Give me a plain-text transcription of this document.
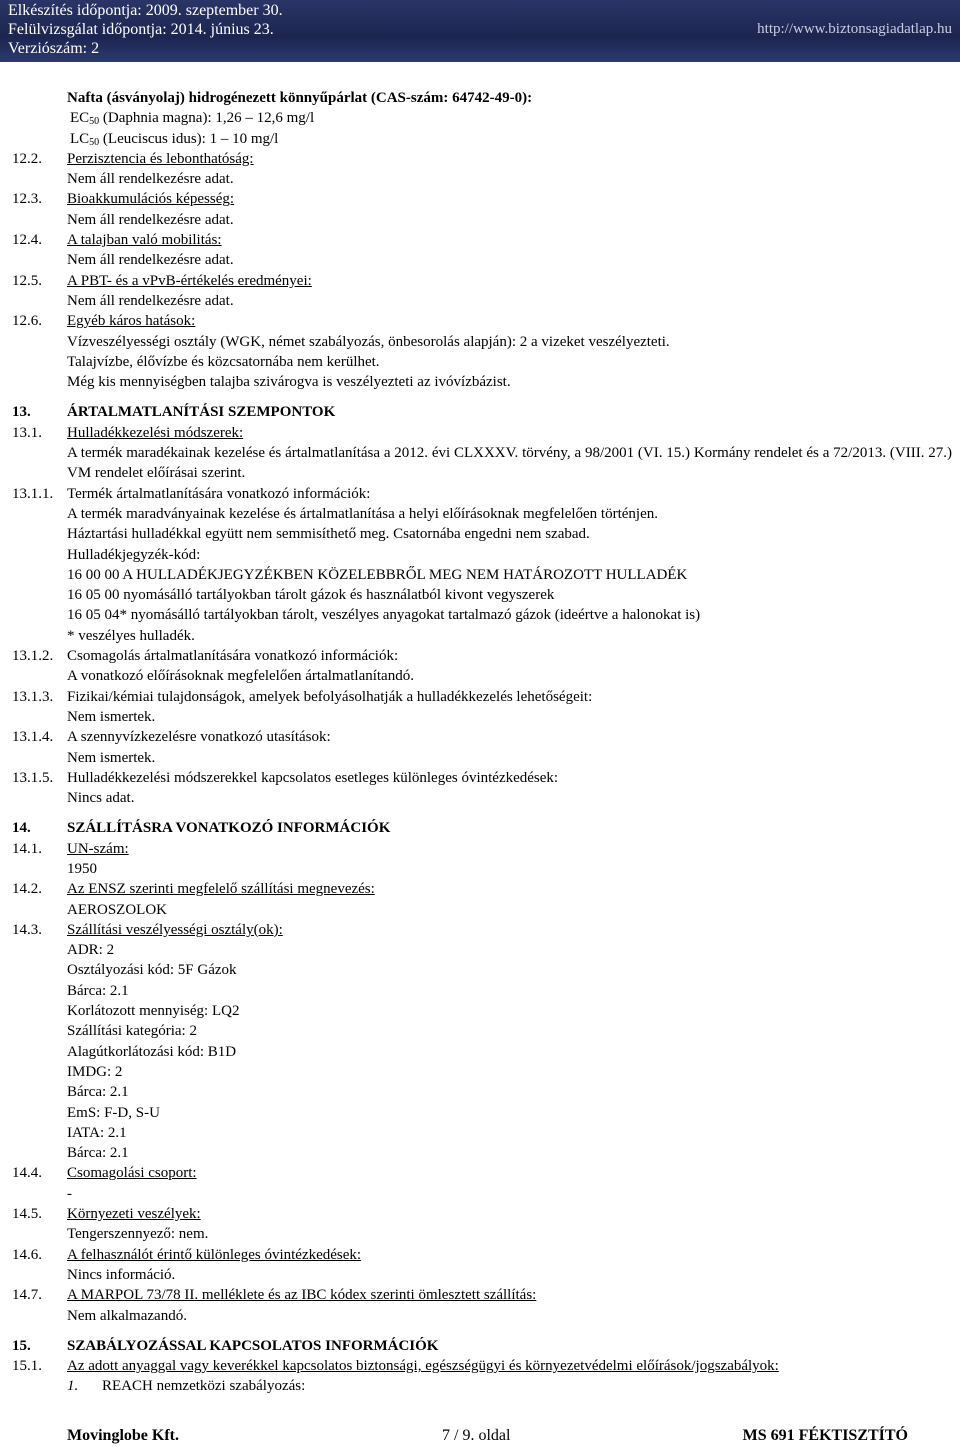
Elkészítés időpontja: 2009. szeptember 30.
Felülvizsgálat időpontja: 2014. június 23.
Verziószám: 2
http://www.biztonsagiadatlap.hu
Nafta (ásványolaj) hidrogénezett könnyűpárlat (CAS-szám: 64742-49-0):
$EC_{50}$ (Daphnia magna): 1,26 – 12,6 mg/l
$LC_{50}$ (Leuciscus idus): 1 – 10 mg/l
12.2. Perzisztencia és lebonthatóság:
Nem áll rendelkezésre adat.
12.3. Bioakkumulációs képesség:
Nem áll rendelkezésre adat.
12.4. A talajban való mobilitás:
Nem áll rendelkezésre adat.
12.5. A PBT- és a vPvB-értékelés eredményei:
Nem áll rendelkezésre adat.
12.6. Egyéb káros hatások:
Vízveszélyességi osztály (WGK, német szabályozás, önbesorolás alapján): 2 a vizeket veszélyezteti.
Talajvízbe, élővízbe és közcsatornába nem kerülhet.
Még kis mennyiségben talajba szivárogva is veszélyezteti az ivóvízbázist.
13. ÁRTALMATLANÍTÁSI SZEMPONTOK
13.1. Hulladékkezelési módszerek:
A termék maradékainak kezelése és ártalmatlanítása a 2012. évi CLXXXV. törvény, a 98/2001 (VI. 15.) Kormány rendelet és a 72/2013. (VIII. 27.) VM rendelet előírásai szerint.
13.1.1. Termék ártalmatlanítására vonatkozó információk:
A termék maradványainak kezelése és ártalmatlanítása a helyi előírásoknak megfelelően történjen.
Háztartási hulladékkal együtt nem semmisíthető meg. Csatornába engedni nem szabad.
Hulladékjegyzék-kód:
16 00 00 A HULLADÉKJEGYZÉKBEN KÖZELEBBRŐL MEG NEM HATÁROZOTT HULLADÉK
16 05 00 nyomásálló tartályokban tárolt gázok és használatból kivont vegyszerek
16 05 04* nyomásálló tartályokban tárolt, veszélyes anyagokat tartalmazó gázok (ideértve a halonokat is)
* veszélyes hulladék.
13.1.2. Csomagolás ártalmatlanítására vonatkozó információk:
A vonatkozó előírásoknak megfelelően ártalmatlanítandó.
13.1.3. Fizikai/kémiai tulajdonságok, amelyek befolyásolhatják a hulladékkezelés lehetőségeit:
Nem ismertek.
13.1.4. A szennyvízkezelésre vonatkozó utasítások:
Nem ismertek.
13.1.5. Hulladékkezelési módszerekkel kapcsolatos esetleges különleges óvintézkedések:
Nincs adat.
14. SZÁLLÍTÁSRA VONATKOZÓ INFORMÁCIÓK
14.1. UN-szám:
1950
14.2. Az ENSZ szerinti megfelelő szállítási megnevezés:
AEROSZOLOK
14.3. Szállítási veszélyességi osztály(ok):
ADR: 2
Osztályozási kód: 5F Gázok
Bárca: 2.1
Korlátozott mennyiség: LQ2
Szállítási kategória: 2
Alagútkorlátozási kód: B1D
IMDG: 2
Bárca: 2.1
EmS: F-D, S-U
IATA: 2.1
Bárca: 2.1
14.4. Csomagolási csoport:
-
14.5. Környezeti veszélyek:
Tengerszennyező: nem.
14.6. A felhasználót érintő különleges óvintézkedések:
Nincs információ.
14.7. A MARPOL 73/78 II. melléklete és az IBC kódex szerinti ömlesztett szállítás:
Nem alkalmazandó.
15. SZABÁLYOZÁSSAL KAPCSOLATOS INFORMÁCIÓK
15.1. Az adott anyaggal vagy keverékkel kapcsolatos biztonsági, egészségügyi és környezetvédelmi előírások/jogszabályok:
1. REACH nemzetközi szabályozás:
Movinglobe Kft.	7 / 9. oldal	MS 691 FÉKTISZTÍTÓ
